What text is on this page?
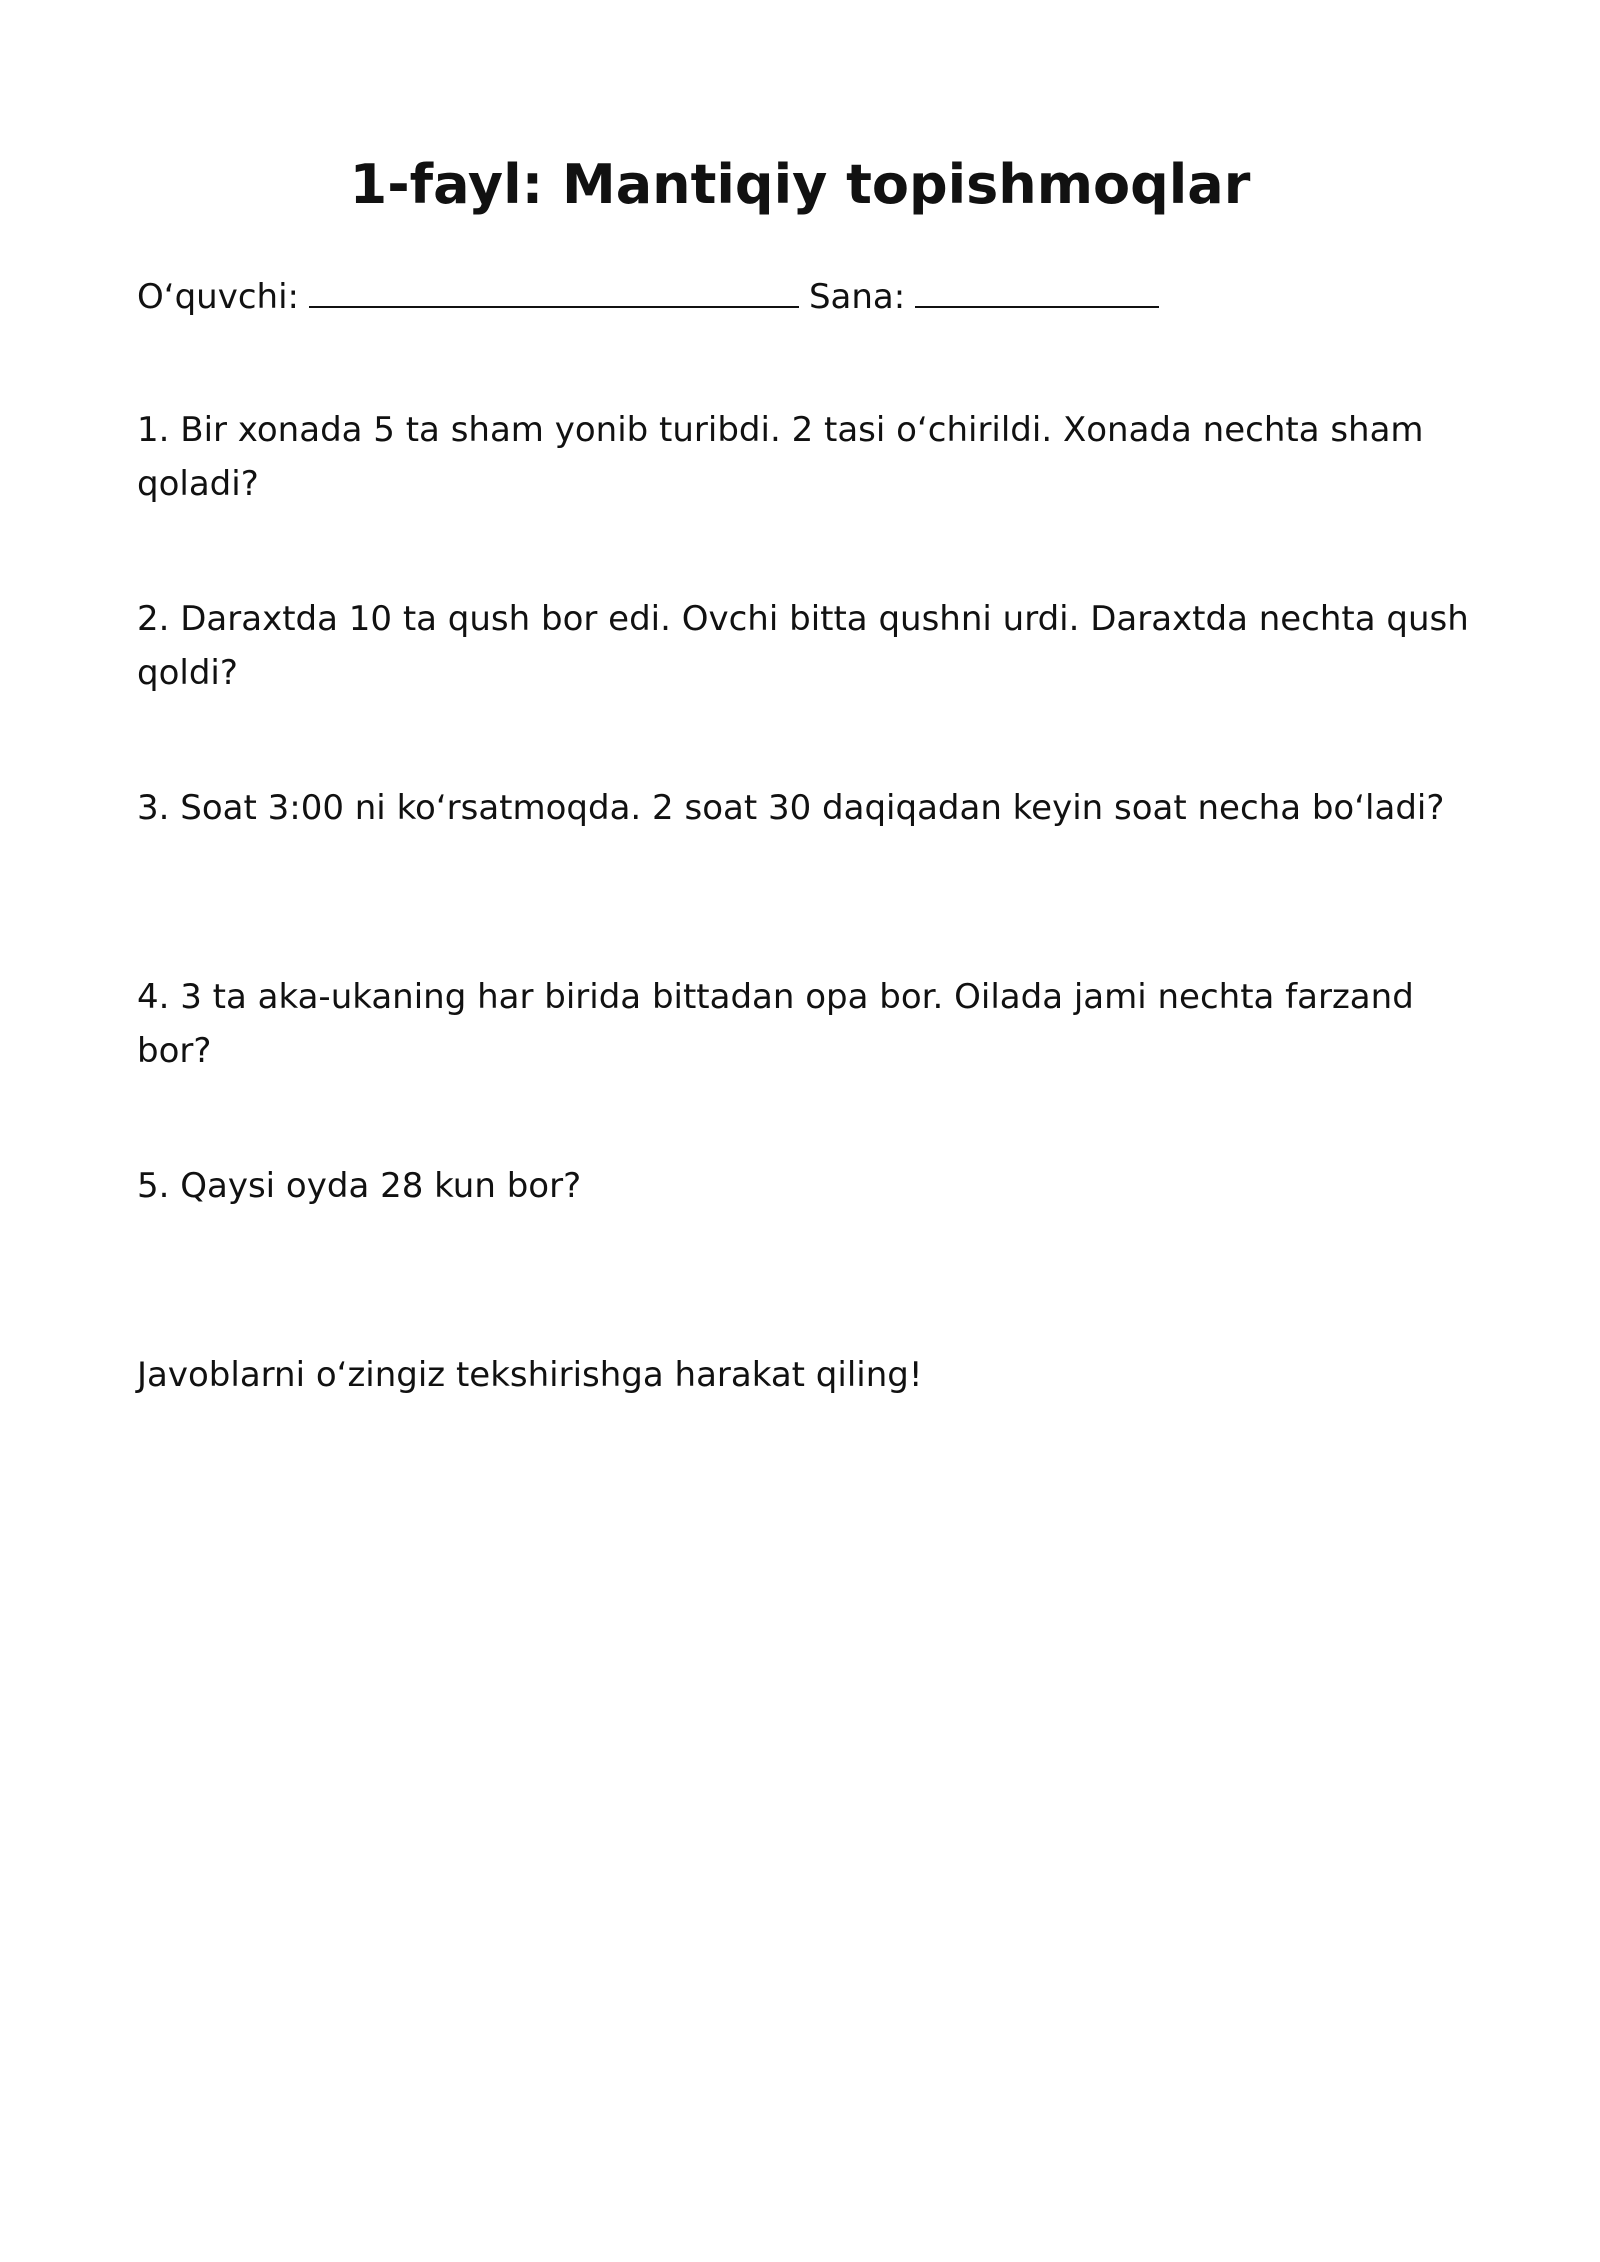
1-fayl: Mantiqiy topishmoqlar
O‘quvchi:	Sana:

1. Bir xonada 5 ta sham yonib turibdi. 2 tasi o‘chirildi. Xonada nechta sham qoladi?

2. Daraxtda 10 ta qush bor edi. Ovchi bitta qushni urdi. Daraxtda nechta qush qoldi?

3. Soat 3:00 ni ko‘rsatmoqda. 2 soat 30 daqiqadan keyin soat necha bo‘ladi?

4. 3 ta aka-ukaning har birida bittadan opa bor. Oilada jami nechta farzand bor?

5. Qaysi oyda 28 kun bor?

Javoblarni o‘zingiz tekshirishga harakat qiling!
